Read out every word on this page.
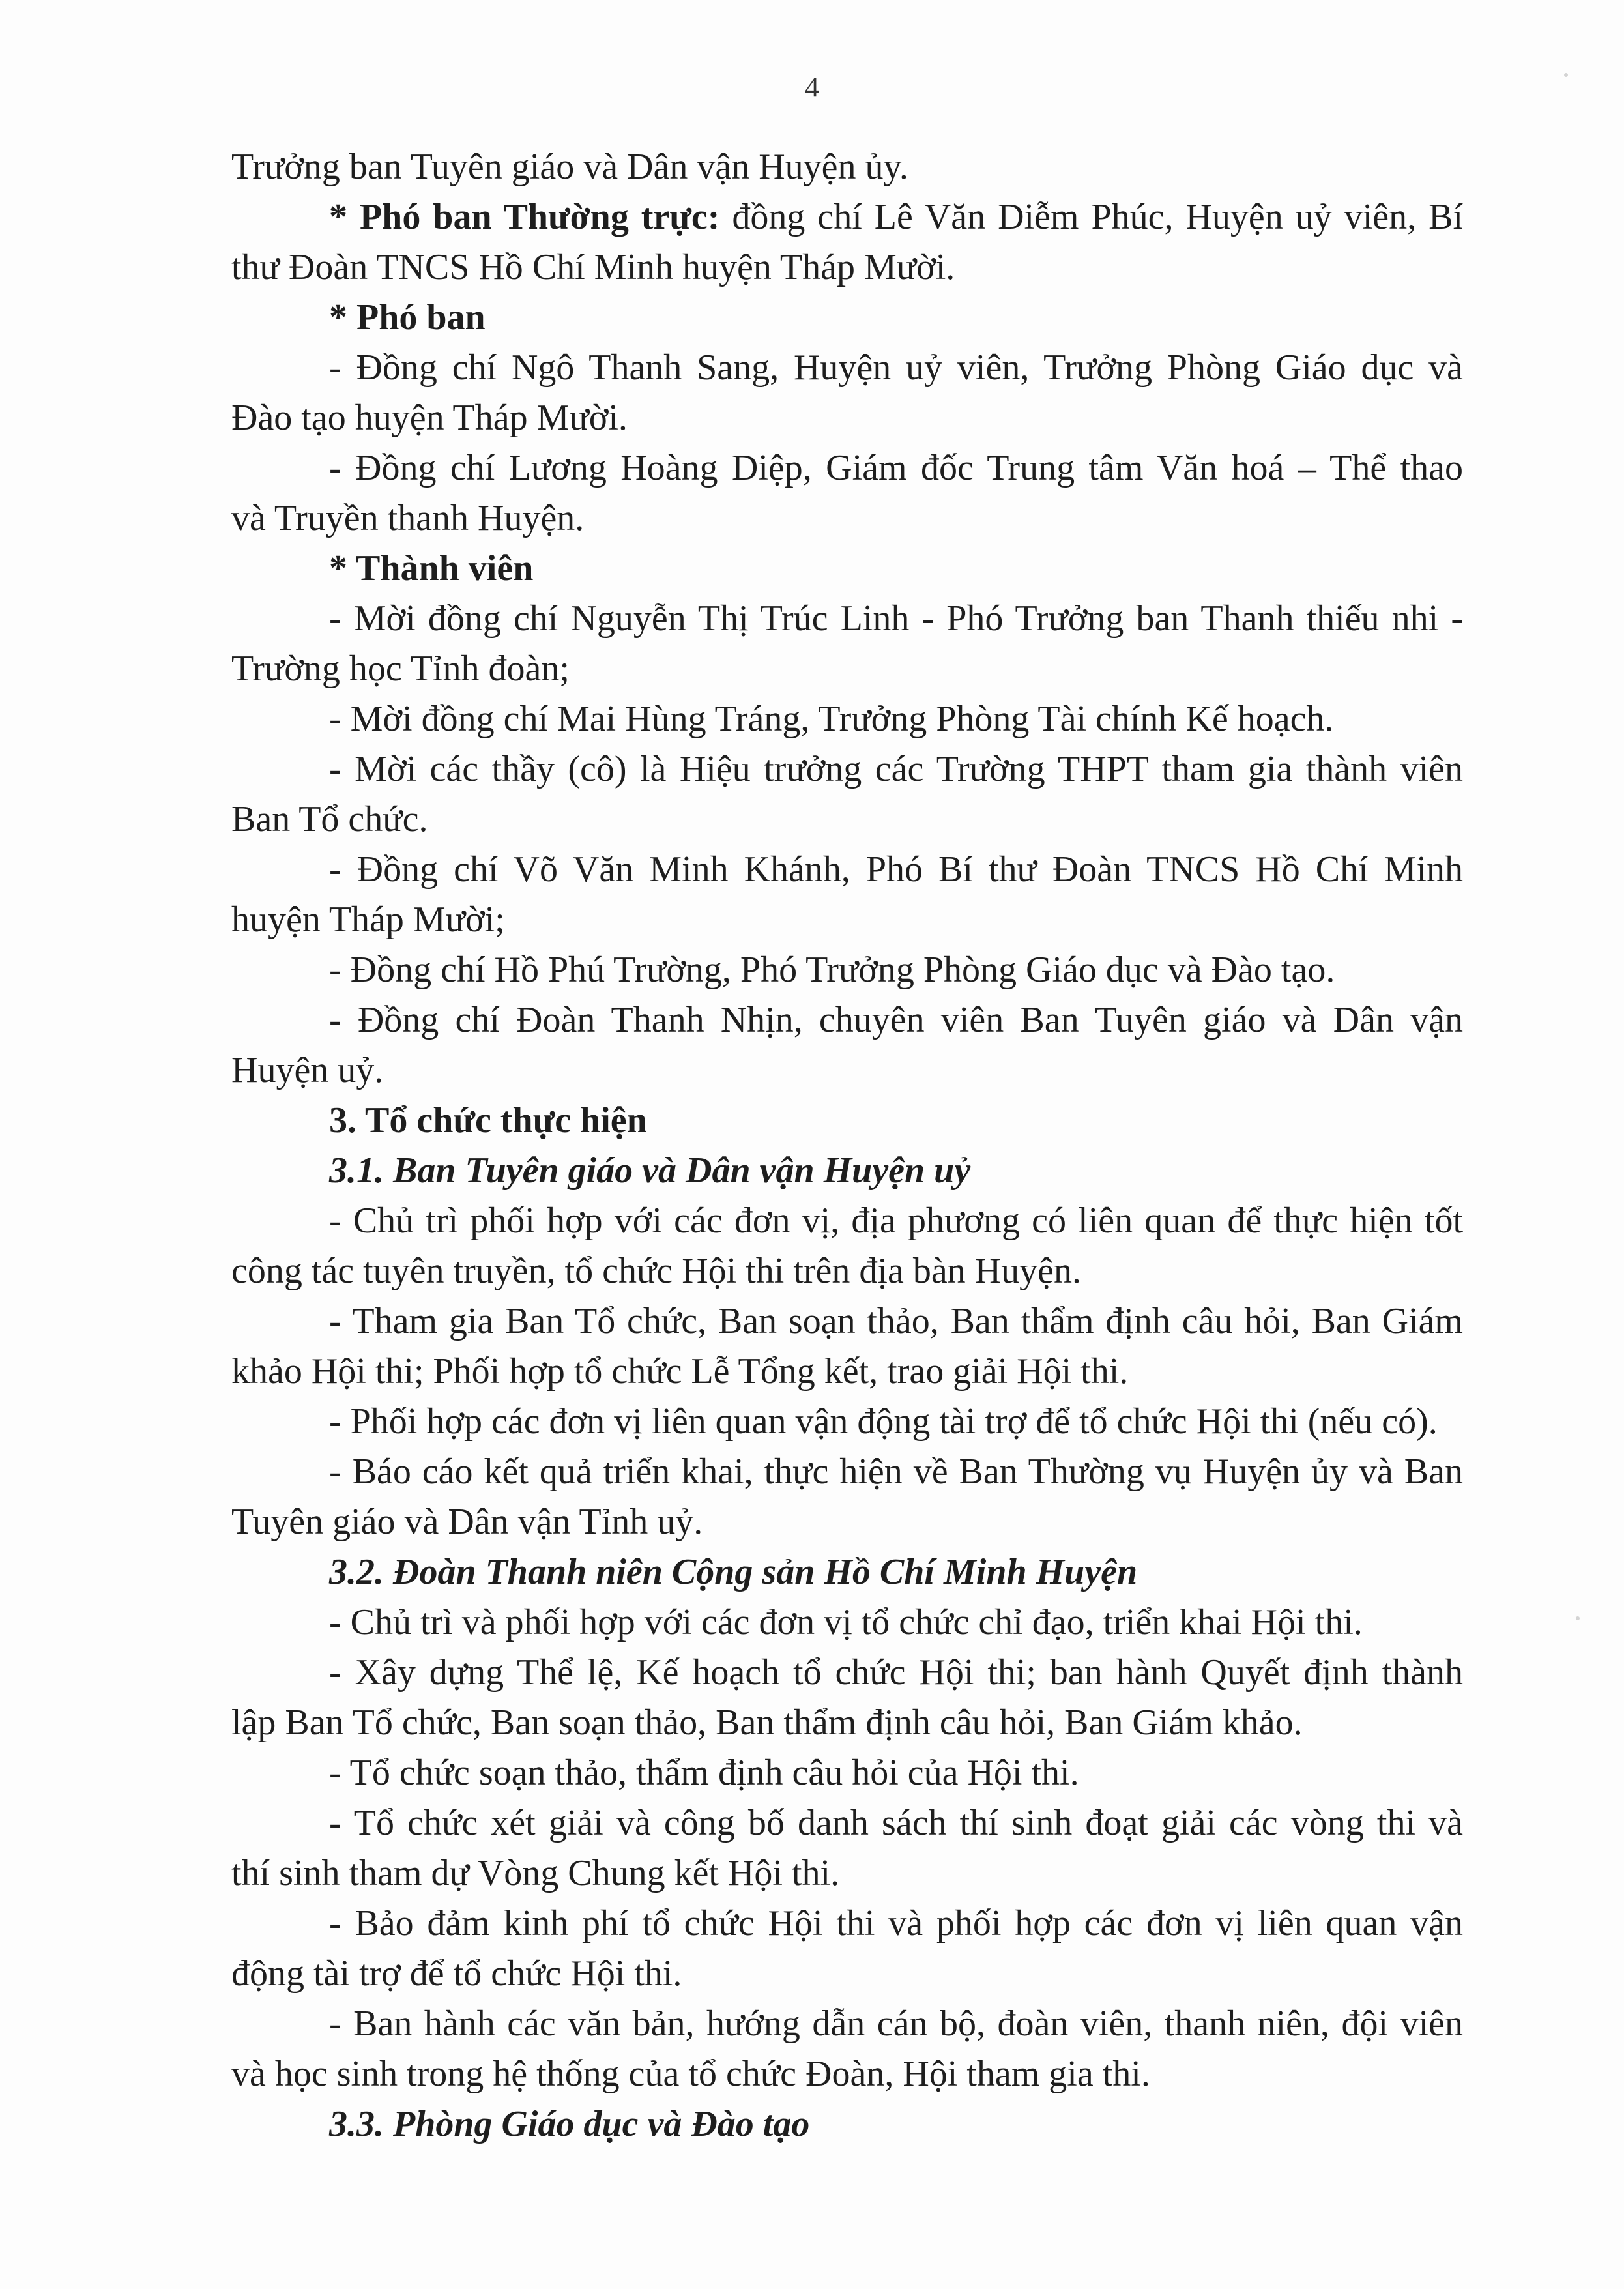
4
Trưởng ban Tuyên giáo và Dân vận Huyện ủy.
* Phó ban Thường trực: đồng chí Lê Văn Diễm Phúc, Huyện uỷ viên, Bí
thư Đoàn TNCS Hồ Chí Minh huyện Tháp Mười.
* Phó ban
- Đồng chí Ngô Thanh Sang, Huyện uỷ viên, Trưởng Phòng Giáo dục và
Đào tạo huyện Tháp Mười.
- Đồng chí Lương Hoàng Diệp, Giám đốc Trung tâm Văn hoá – Thể thao
và Truyền thanh Huyện.
* Thành viên
- Mời đồng chí Nguyễn Thị Trúc Linh - Phó Trưởng ban Thanh thiếu nhi -
Trường học Tỉnh đoàn;
- Mời đồng chí Mai Hùng Tráng, Trưởng Phòng Tài chính Kế hoạch.
- Mời các thầy (cô) là Hiệu trưởng các Trường THPT tham gia thành viên
Ban Tổ chức.
- Đồng chí Võ Văn Minh Khánh, Phó Bí thư Đoàn TNCS Hồ Chí Minh
huyện Tháp Mười;
- Đồng chí Hồ Phú Trường, Phó Trưởng Phòng Giáo dục và Đào tạo.
- Đồng chí Đoàn Thanh Nhịn, chuyên viên Ban Tuyên giáo và Dân vận
Huyện uỷ.
3. Tổ chức thực hiện
3.1. Ban Tuyên giáo và Dân vận Huyện uỷ
- Chủ trì phối hợp với các đơn vị, địa phương có liên quan để thực hiện tốt
công tác tuyên truyền, tổ chức Hội thi trên địa bàn Huyện.
- Tham gia Ban Tổ chức, Ban soạn thảo, Ban thẩm định câu hỏi, Ban Giám
khảo Hội thi; Phối hợp tổ chức Lễ Tổng kết, trao giải Hội thi.
- Phối hợp các đơn vị liên quan vận động tài trợ để tổ chức Hội thi (nếu có).
- Báo cáo kết quả triển khai, thực hiện về Ban Thường vụ Huyện ủy và Ban
Tuyên giáo và Dân vận Tỉnh uỷ.
3.2. Đoàn Thanh niên Cộng sản Hồ Chí Minh Huyện
- Chủ trì và phối hợp với các đơn vị tổ chức chỉ đạo, triển khai Hội thi.
- Xây dựng Thể lệ, Kế hoạch tổ chức Hội thi; ban hành Quyết định thành
lập Ban Tổ chức, Ban soạn thảo, Ban thẩm định câu hỏi, Ban Giám khảo.
- Tổ chức soạn thảo, thẩm định câu hỏi của Hội thi.
- Tổ chức xét giải và công bố danh sách thí sinh đoạt giải các vòng thi và
thí sinh tham dự Vòng Chung kết Hội thi.
- Bảo đảm kinh phí tổ chức Hội thi và phối hợp các đơn vị liên quan vận
động tài trợ để tổ chức Hội thi.
- Ban hành các văn bản, hướng dẫn cán bộ, đoàn viên, thanh niên, đội viên
và học sinh trong hệ thống của tổ chức Đoàn, Hội tham gia thi.
3.3. Phòng Giáo dục và Đào tạo
